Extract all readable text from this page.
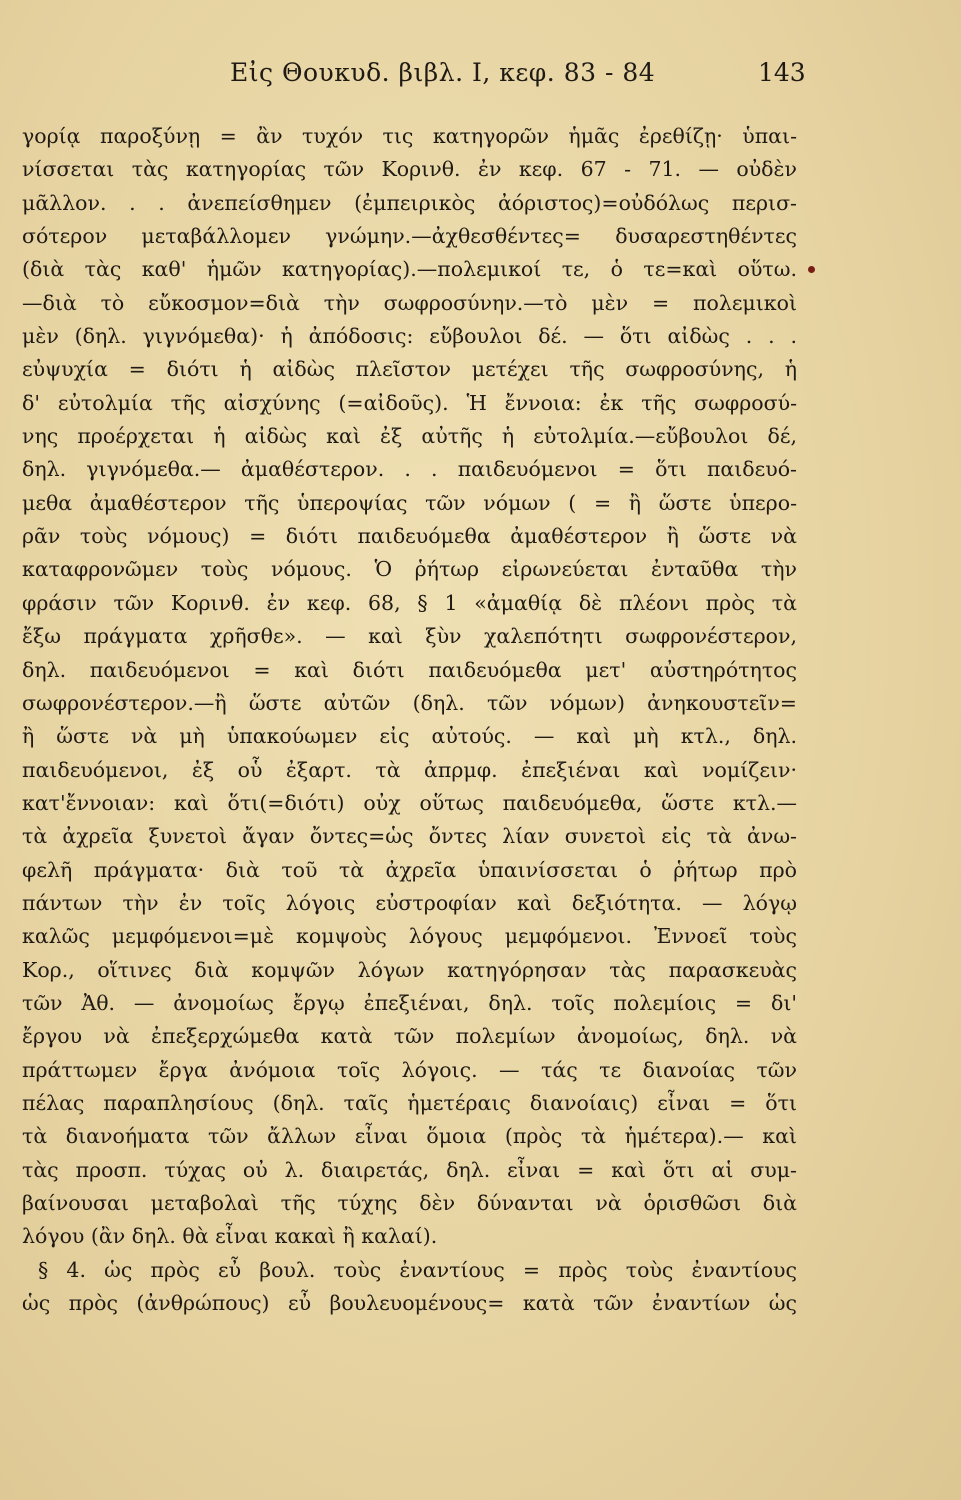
Εἰς Θουκυδ. βιβλ. Ι, κεφ. 83 - 84	143
γορίᾳ παροξύνῃ = ἂν τυχόν τις κατηγορῶν ἡμᾶς ἐρεθίζῃ· ὑπαι-
νίσσεται τὰς κατηγορίας τῶν Κορινθ. ἐν κεφ. 67 - 71. — οὐδὲν
μᾶλλον. . . ἀνεπείσθημεν (ἐμπειρικὸς ἀόριστος)=οὐδόλως περισ-
σότερον μεταβάλλομεν γνώμην.—ἀχθεσθέντες= δυσαρεστηθέντες
(διὰ τὰς καθ' ἡμῶν κατηγορίας).—πολεμικοί τε, ὁ τε=καὶ οὕτω.
—διὰ τὸ εὔκοσμον=διὰ τὴν σωφροσύνην.—τὸ μὲν = πολεμικοὶ
μὲν (δηλ. γιγνόμεθα)· ἡ ἀπόδοσις: εὔβουλοι δέ. — ὅτι αἰδὼς . . .
εὐψυχία = διότι ἡ αἰδὼς πλεῖστον μετέχει τῆς σωφροσύνης, ἡ
δ' εὐτολμία τῆς αἰσχύνης (=αἰδοῦς). Ἡ ἔννοια: ἐκ τῆς σωφροσύ-
νης προέρχεται ἡ αἰδὼς καὶ ἐξ αὐτῆς ἡ εὐτολμία.—εὔβουλοι δέ,
δηλ. γιγνόμεθα.— ἀμαθέστερον. . . παιδευόμενοι = ὅτι παιδευό-
μεθα ἀμαθέστερον τῆς ὑπεροψίας τῶν νόμων ( = ἢ ὥστε ὑπερο-
ρᾶν τοὺς νόμους) = διότι παιδευόμεθα ἀμαθέστερον ἢ ὥστε νὰ
καταφρονῶμεν τοὺς νόμους. Ὁ ῥήτωρ εἰρωνεύεται ἐνταῦθα τὴν
φράσιν τῶν Κορινθ. ἐν κεφ. 68, § 1 «ἀμαθίᾳ δὲ πλέονι πρὸς τὰ
ἔξω πράγματα χρῆσθε». — καὶ ξὺν χαλεπότητι σωφρονέστερον,
δηλ. παιδευόμενοι = καὶ διότι παιδευόμεθα μετ' αὐστηρότητος
σωφρονέστερον.—ἢ ὥστε αὐτῶν (δηλ. τῶν νόμων) ἀνηκουστεῖν=
ἢ ὥστε νὰ μὴ ὑπακούωμεν εἰς αὐτούς. — καὶ μὴ κτλ., δηλ.
παιδευόμενοι, ἐξ οὗ ἐξαρτ. τὰ ἀπρμφ. ἐπεξιέναι καὶ νομίζειν·
κατ'ἔννοιαν: καὶ ὅτι(=διότι) οὐχ οὕτως παιδευόμεθα, ὥστε κτλ.—
τὰ ἀχρεῖα ξυνετοὶ ἄγαν ὄντες=ὡς ὄντες λίαν συνετοὶ εἰς τὰ ἀνω-
φελῆ πράγματα· διὰ τοῦ τὰ ἀχρεῖα ὑπαινίσσεται ὁ ῥήτωρ πρὸ
πάντων τὴν ἐν τοῖς λόγοις εὐστροφίαν καὶ δεξιότητα. — λόγῳ
καλῶς μεμφόμενοι=μὲ κομψοὺς λόγους μεμφόμενοι. Ἐννοεῖ τοὺς
Κορ., οἵτινες διὰ κομψῶν λόγων κατηγόρησαν τὰς παρασκευὰς
τῶν Ἀθ. — ἀνομοίως ἔργῳ ἐπεξιέναι, δηλ. τοῖς πολεμίοις = δι'
ἔργου νὰ ἐπεξερχώμεθα κατὰ τῶν πολεμίων ἀνομοίως, δηλ. νὰ
πράττωμεν ἔργα ἀνόμοια τοῖς λόγοις. — τάς τε διανοίας τῶν
πέλας παραπλησίους (δηλ. ταῖς ἡμετέραις διανοίαις) εἶναι = ὅτι
τὰ διανοήματα τῶν ἄλλων εἶναι ὅμοια (πρὸς τὰ ἡμέτερα).— καὶ
τὰς προσπ. τύχας οὐ λ. διαιρετάς, δηλ. εἶναι = καὶ ὅτι αἱ συμ-
βαίνουσαι μεταβολαὶ τῆς τύχης δὲν δύνανται νὰ ὁρισθῶσι διὰ
λόγου (ἂν δηλ. θὰ εἶναι κακαὶ ἢ καλαί).
§ 4. ὡς πρὸς εὖ βουλ. τοὺς ἐναντίους = πρὸς τοὺς ἐναντίους
ὡς πρὸς (ἀνθρώπους) εὖ βουλευομένους= κατὰ τῶν ἐναντίων ὡς
